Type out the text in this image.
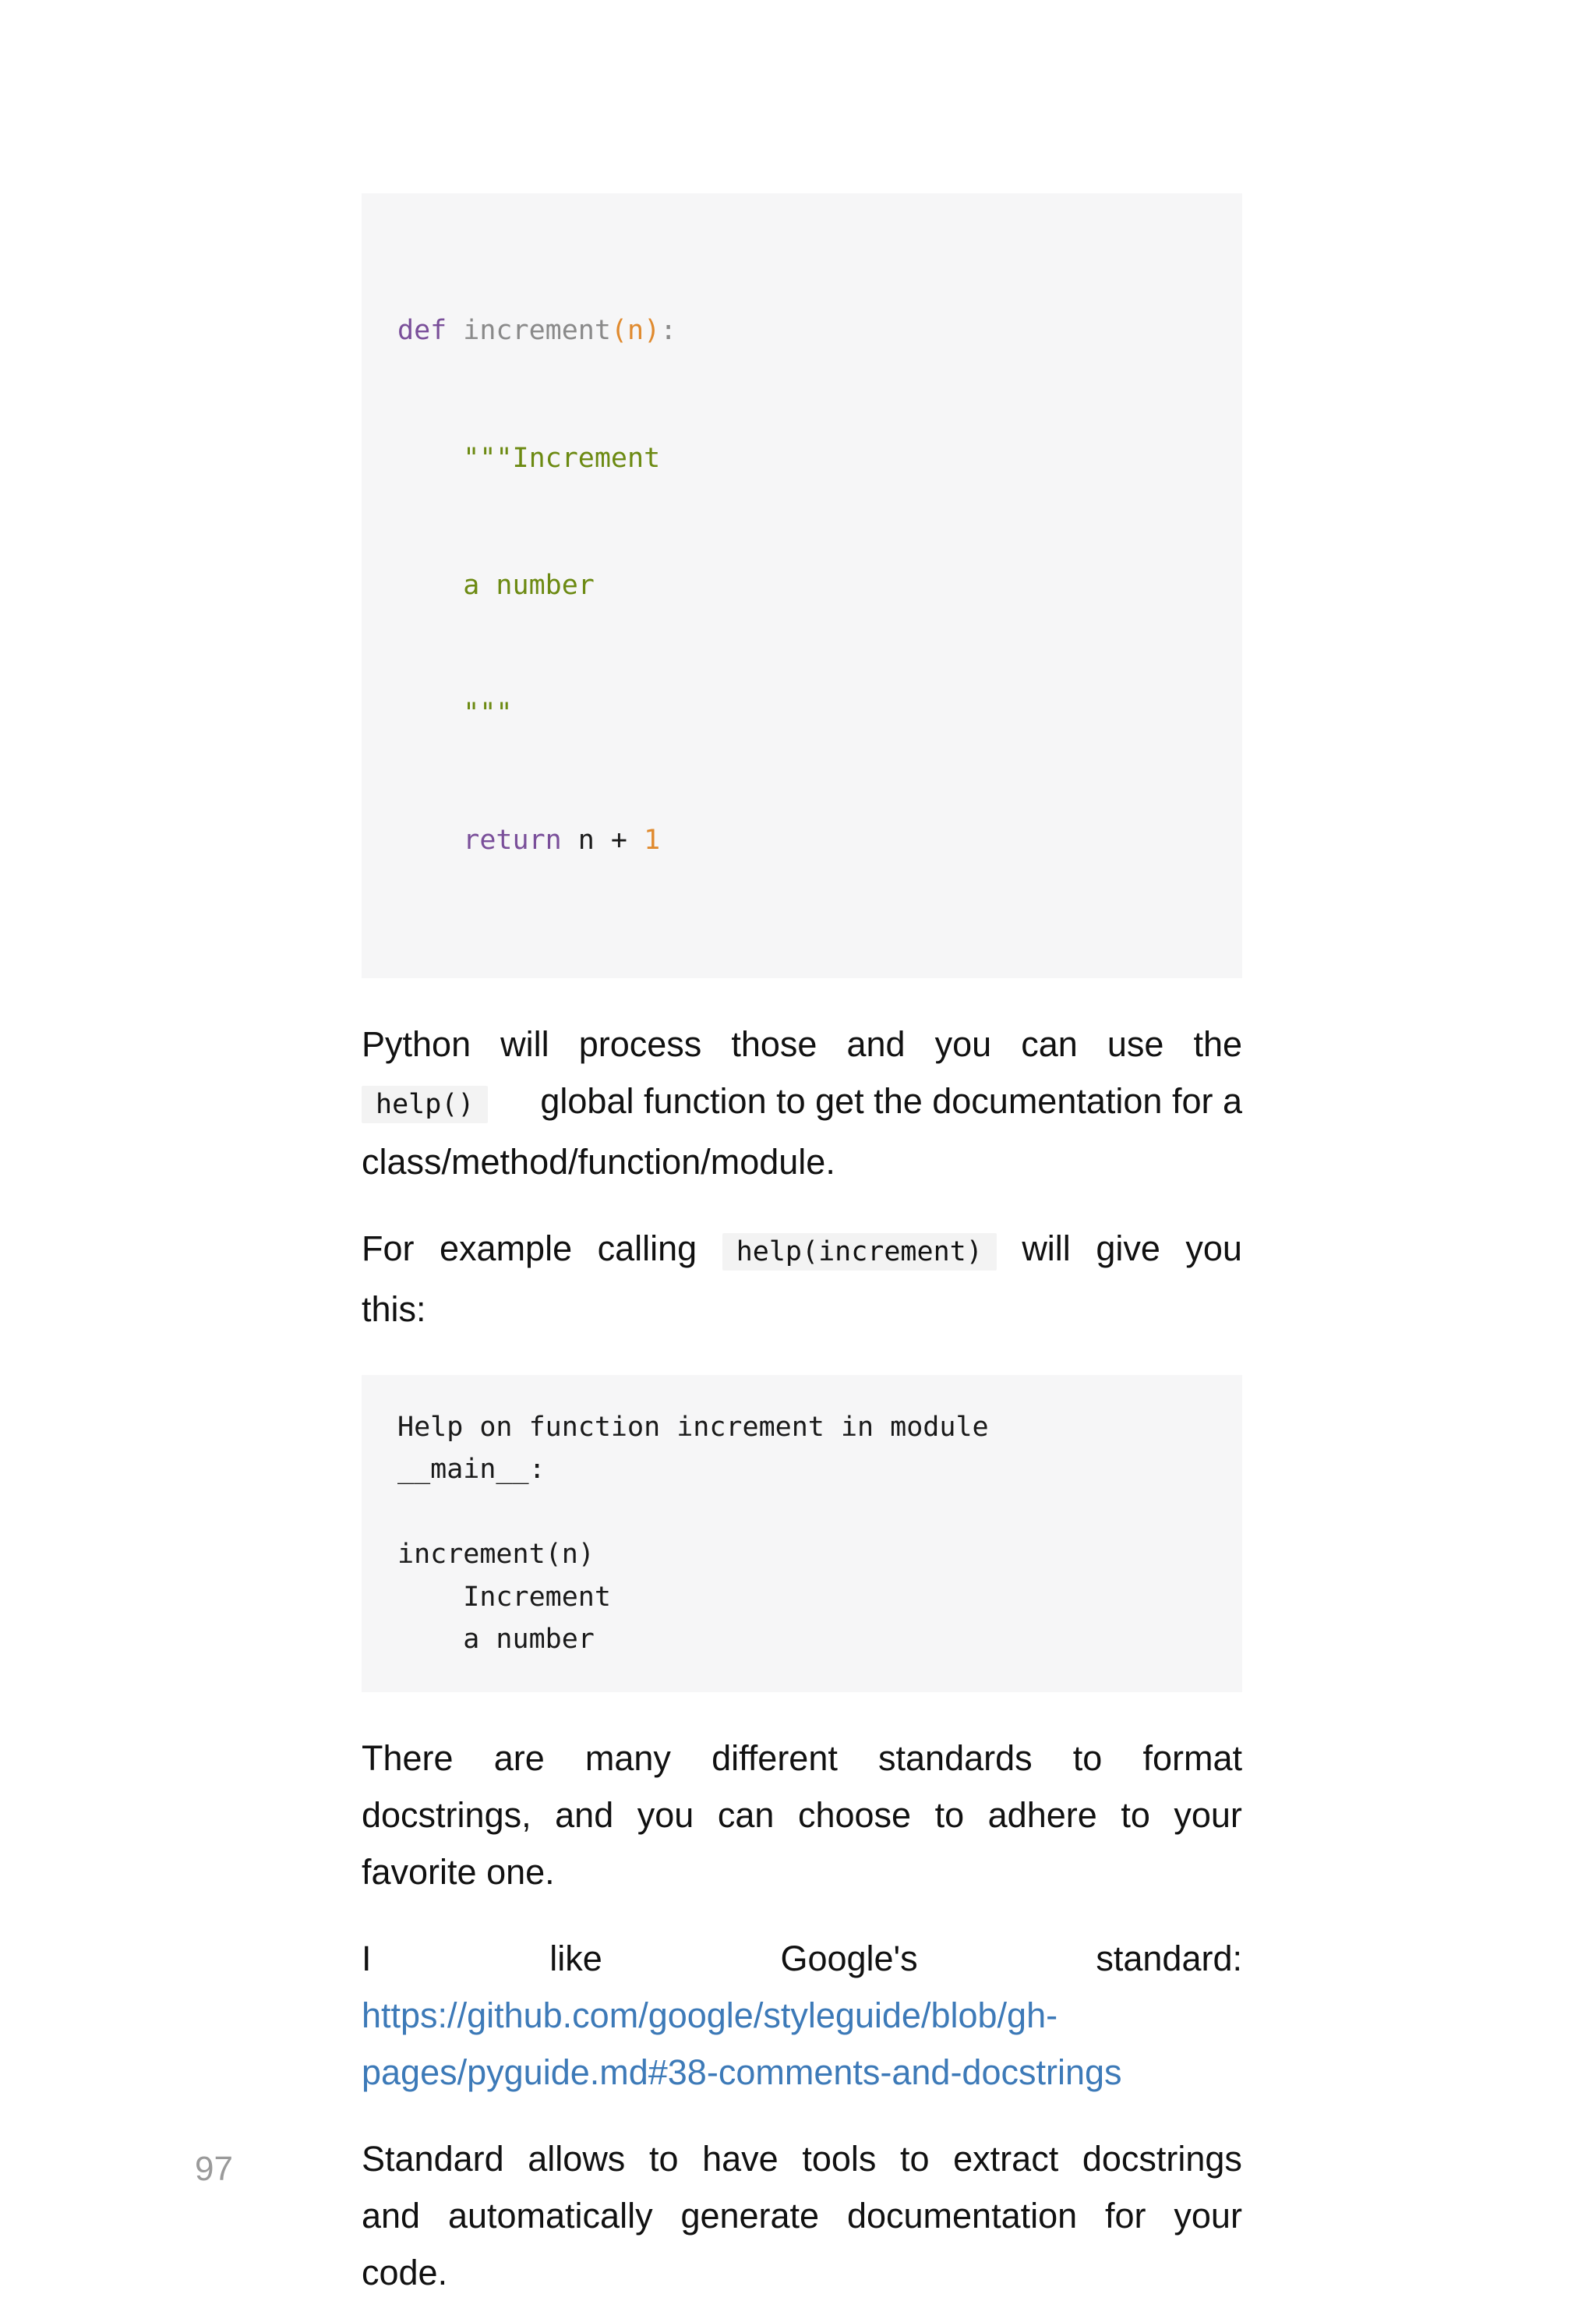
def increment(n):

"""Increment

a number

"""

return n + 1

Python will process those and you can use the
help()	global function to get the documentation for a
class/method/function/module.
For example calling	help(increment)	will give you
this:
Help on function increment in module
__main__:
increment(n)
Increment
a number
There are many different standards to format
docstrings, and you can choose to adhere to your
favorite one.
I	like	Google's	standard:
https://github.com/google/styleguide/blob/gh-
pages/pyguide.md#38-comments-and-docstrings
Standard allows to have tools to extract docstrings
and automatically generate documentation for your
code.
97
